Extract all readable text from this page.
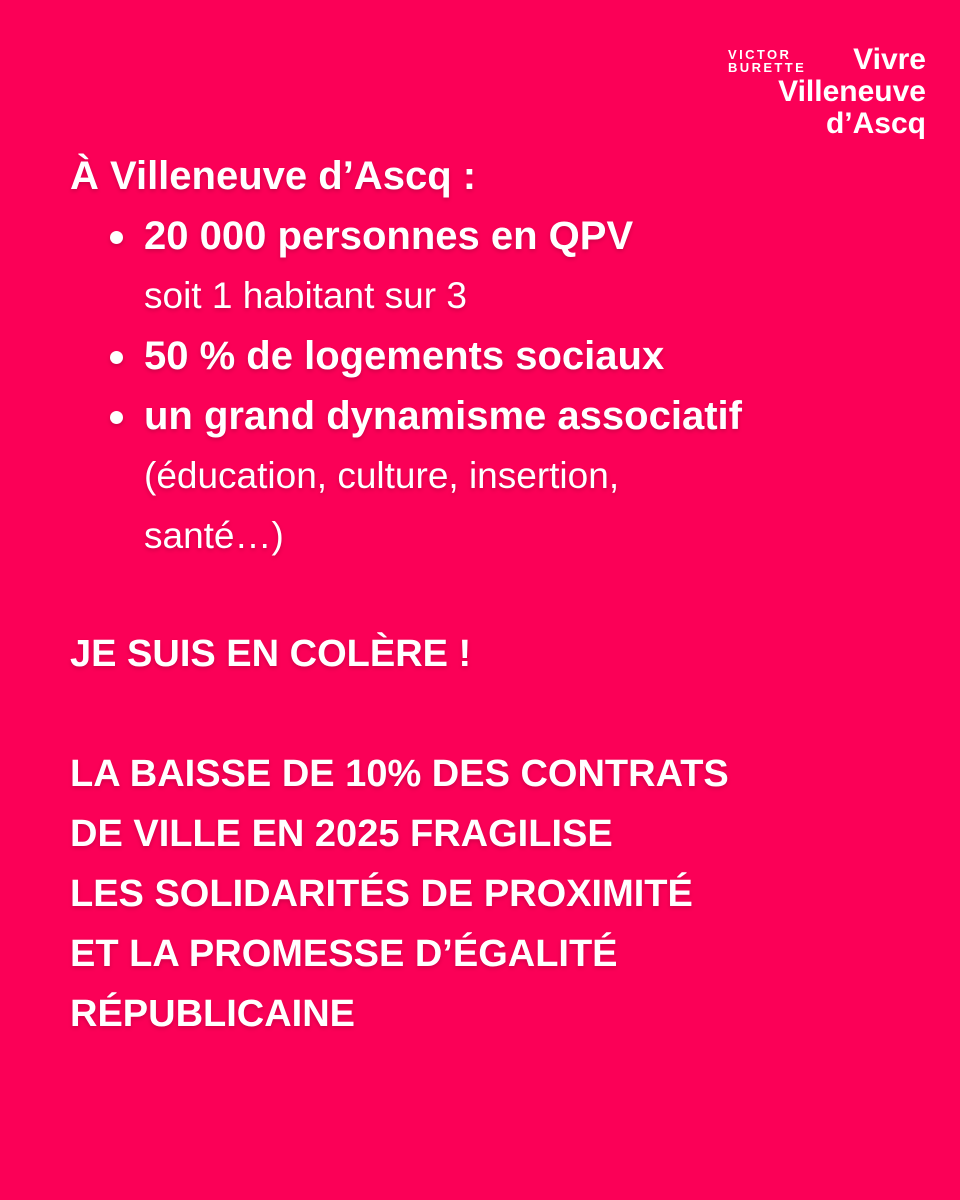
VICTOR
BURETTE Vivre
Villeneuve
d’Ascq

À Villeneuve d’Ascq :

20 000 personnes en QPV
soit 1 habitant sur 3
50 % de logements sociaux
un grand dynamisme associatif
(éducation, culture, insertion,
santé…)

JE SUIS EN COLÈRE !

LA BAISSE DE 10% DES CONTRATS
DE VILLE EN 2025 FRAGILISE
LES SOLIDARITÉS DE PROXIMITÉ
ET LA PROMESSE D’ÉGALITÉ
RÉPUBLICAINE
